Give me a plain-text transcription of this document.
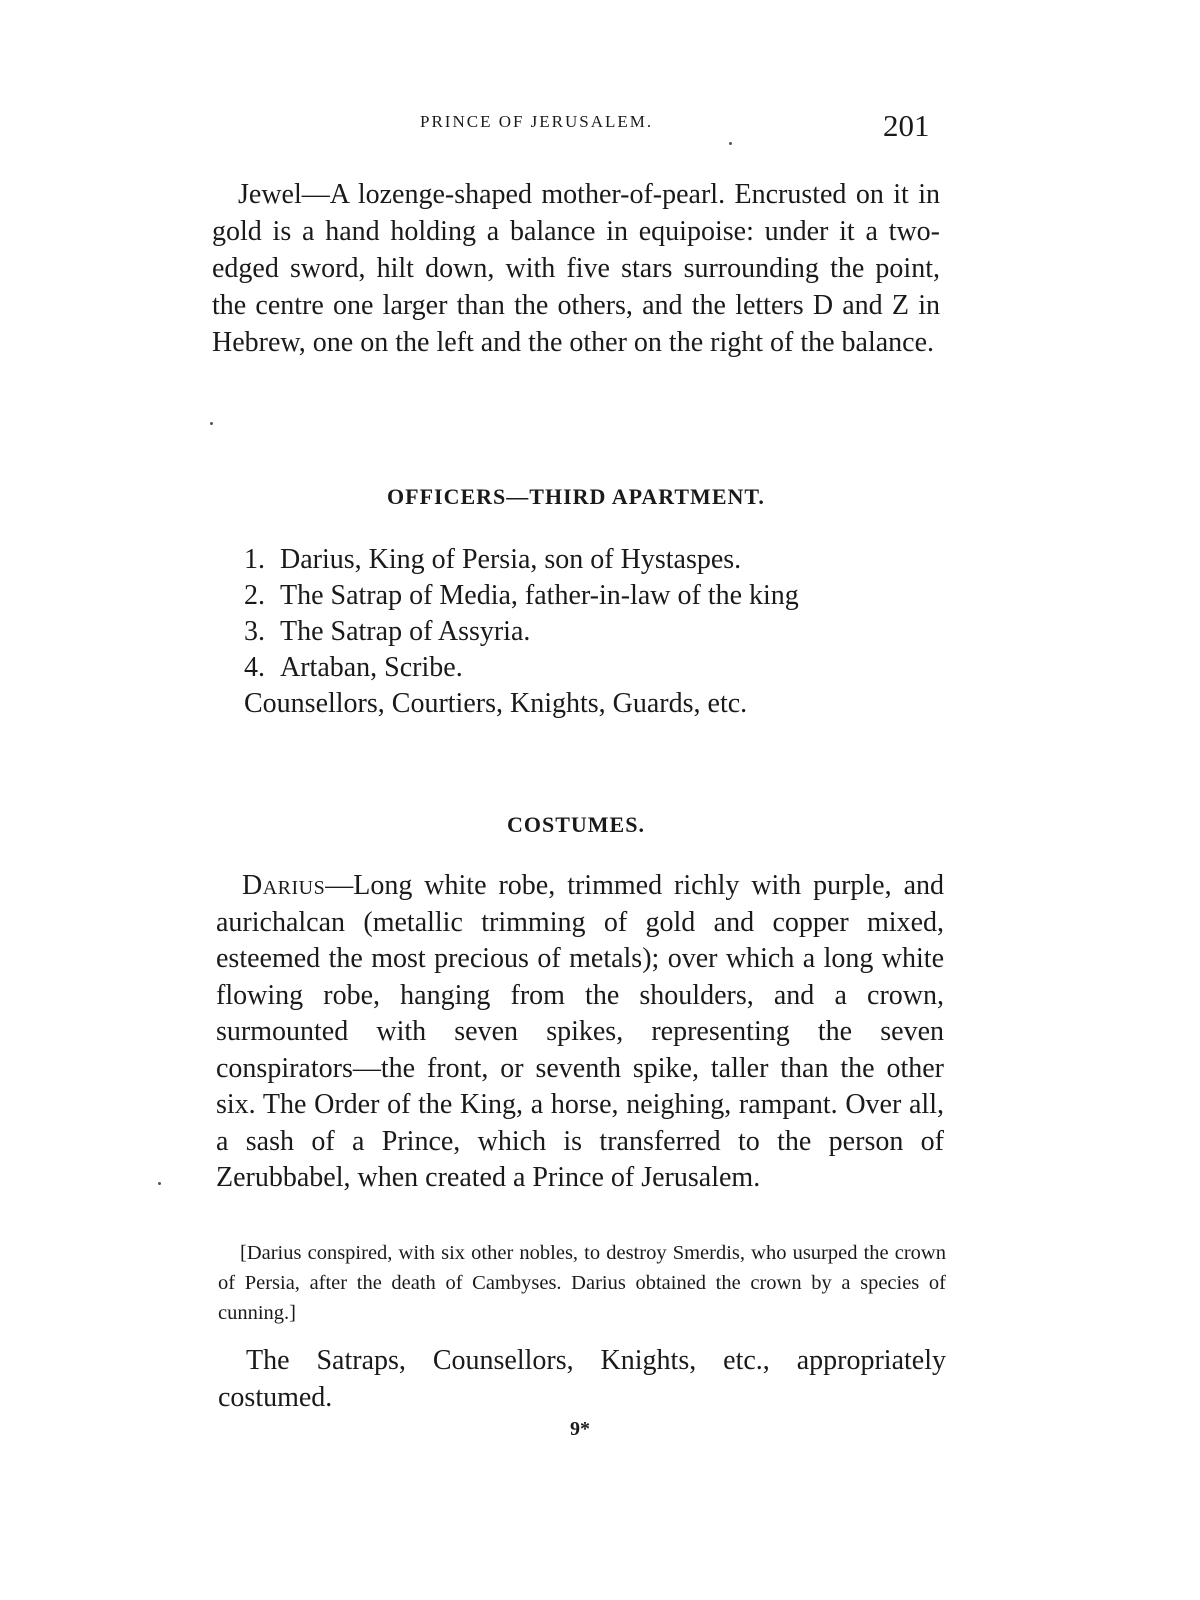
PRINCE OF JERUSALEM.	201

Jewel—A lozenge-shaped mother-of-pearl. Encrusted on it in gold is a hand holding a balance in equipoise: under it a two-edged sword, hilt down, with five stars surrounding the point, the centre one larger than the others, and the letters D and Z in Hebrew, one on the left and the other on the right of the balance.

OFFICERS—THIRD APARTMENT.
1. Darius, King of Persia, son of Hystaspes.
2. The Satrap of Media, father-in-law of the king
3. The Satrap of Assyria.
4. Artaban, Scribe.
Counsellors, Courtiers, Knights, Guards, etc.
COSTUMES.

Darius—Long white robe, trimmed richly with purple, and aurichalcan (metallic trimming of gold and copper mixed, esteemed the most precious of metals); over which a long white flowing robe, hanging from the shoulders, and a crown, surmounted with seven spikes, representing the seven conspirators—the front, or seventh spike, taller than the other six. The Order of the King, a horse, neighing, rampant. Over all, a sash of a Prince, which is transferred to the person of Zerubbabel, when created a Prince of Jerusalem.

[Darius conspired, with six other nobles, to destroy Smerdis, who usurped the crown of Persia, after the death of Cambyses. Darius obtained the crown by a species of cunning.]

The Satraps, Counsellors, Knights, etc., appropriately costumed.

9*
